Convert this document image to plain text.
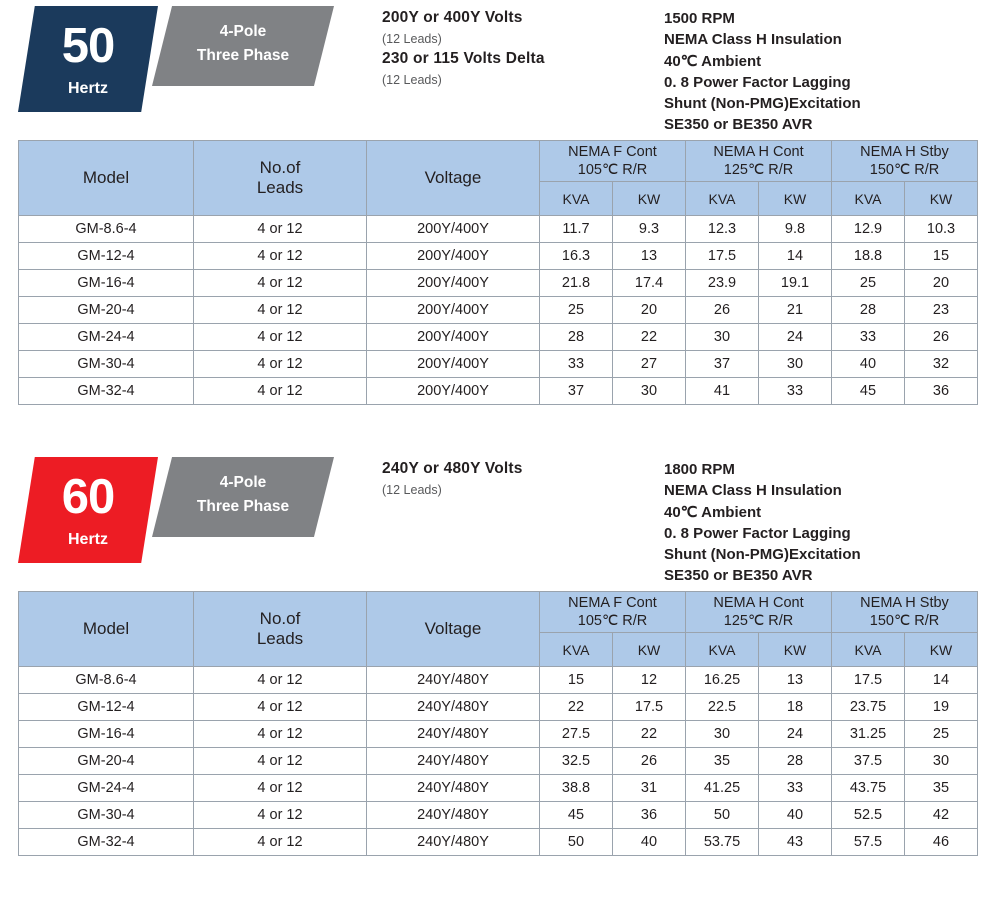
50
Hertz
4-Pole
Three Phase
200Y or 400Y Volts
(12 Leads)
230 or 115 Volts Delta
(12 Leads)
1500 RPM
NEMA Class H Insulation
40℃ Ambient
0. 8 Power Factor Lagging
Shunt (Non-PMG)Excitation
SE350 or BE350 AVR
Model	
No.of
Leads
	Voltage	
NEMA F Cont
105℃ R/R

NEMA H Cont
125℃ R/R

NEMA H Stby
150℃ R/R

			KVA	KW	KVA	KW	KVA	KW
GM-8.6-4	4 or 12	200Y/400Y	11.7	9.3	12.3	9.8	12.9	10.3
GM-12-4	4 or 12	200Y/400Y	16.3	13	17.5	14	18.8	15
GM-16-4	4 or 12	200Y/400Y	21.8	17.4	23.9	19.1	25	20
GM-20-4	4 or 12	200Y/400Y	25	20	26	21	28	23
GM-24-4	4 or 12	200Y/400Y	28	22	30	24	33	26
GM-30-4	4 or 12	200Y/400Y	33	27	37	30	40	32
GM-32-4	4 or 12	200Y/400Y	37	30	41	33	45	36
60
Hertz
4-Pole
Three Phase
240Y or 480Y Volts
(12 Leads)
1800 RPM
NEMA Class H Insulation
40℃ Ambient
0. 8 Power Factor Lagging
Shunt (Non-PMG)Excitation
SE350 or BE350 AVR
Model	
No.of
Leads
	Voltage	
NEMA F Cont
105℃ R/R

NEMA H Cont
125℃ R/R

NEMA H Stby
150℃ R/R

			KVA	KW	KVA	KW	KVA	KW
GM-8.6-4	4 or 12	240Y/480Y	15	12	16.25	13	17.5	14
GM-12-4	4 or 12	240Y/480Y	22	17.5	22.5	18	23.75	19
GM-16-4	4 or 12	240Y/480Y	27.5	22	30	24	31.25	25
GM-20-4	4 or 12	240Y/480Y	32.5	26	35	28	37.5	30
GM-24-4	4 or 12	240Y/480Y	38.8	31	41.25	33	43.75	35
GM-30-4	4 or 12	240Y/480Y	45	36	50	40	52.5	42
GM-32-4	4 or 12	240Y/480Y	50	40	53.75	43	57.5	46
